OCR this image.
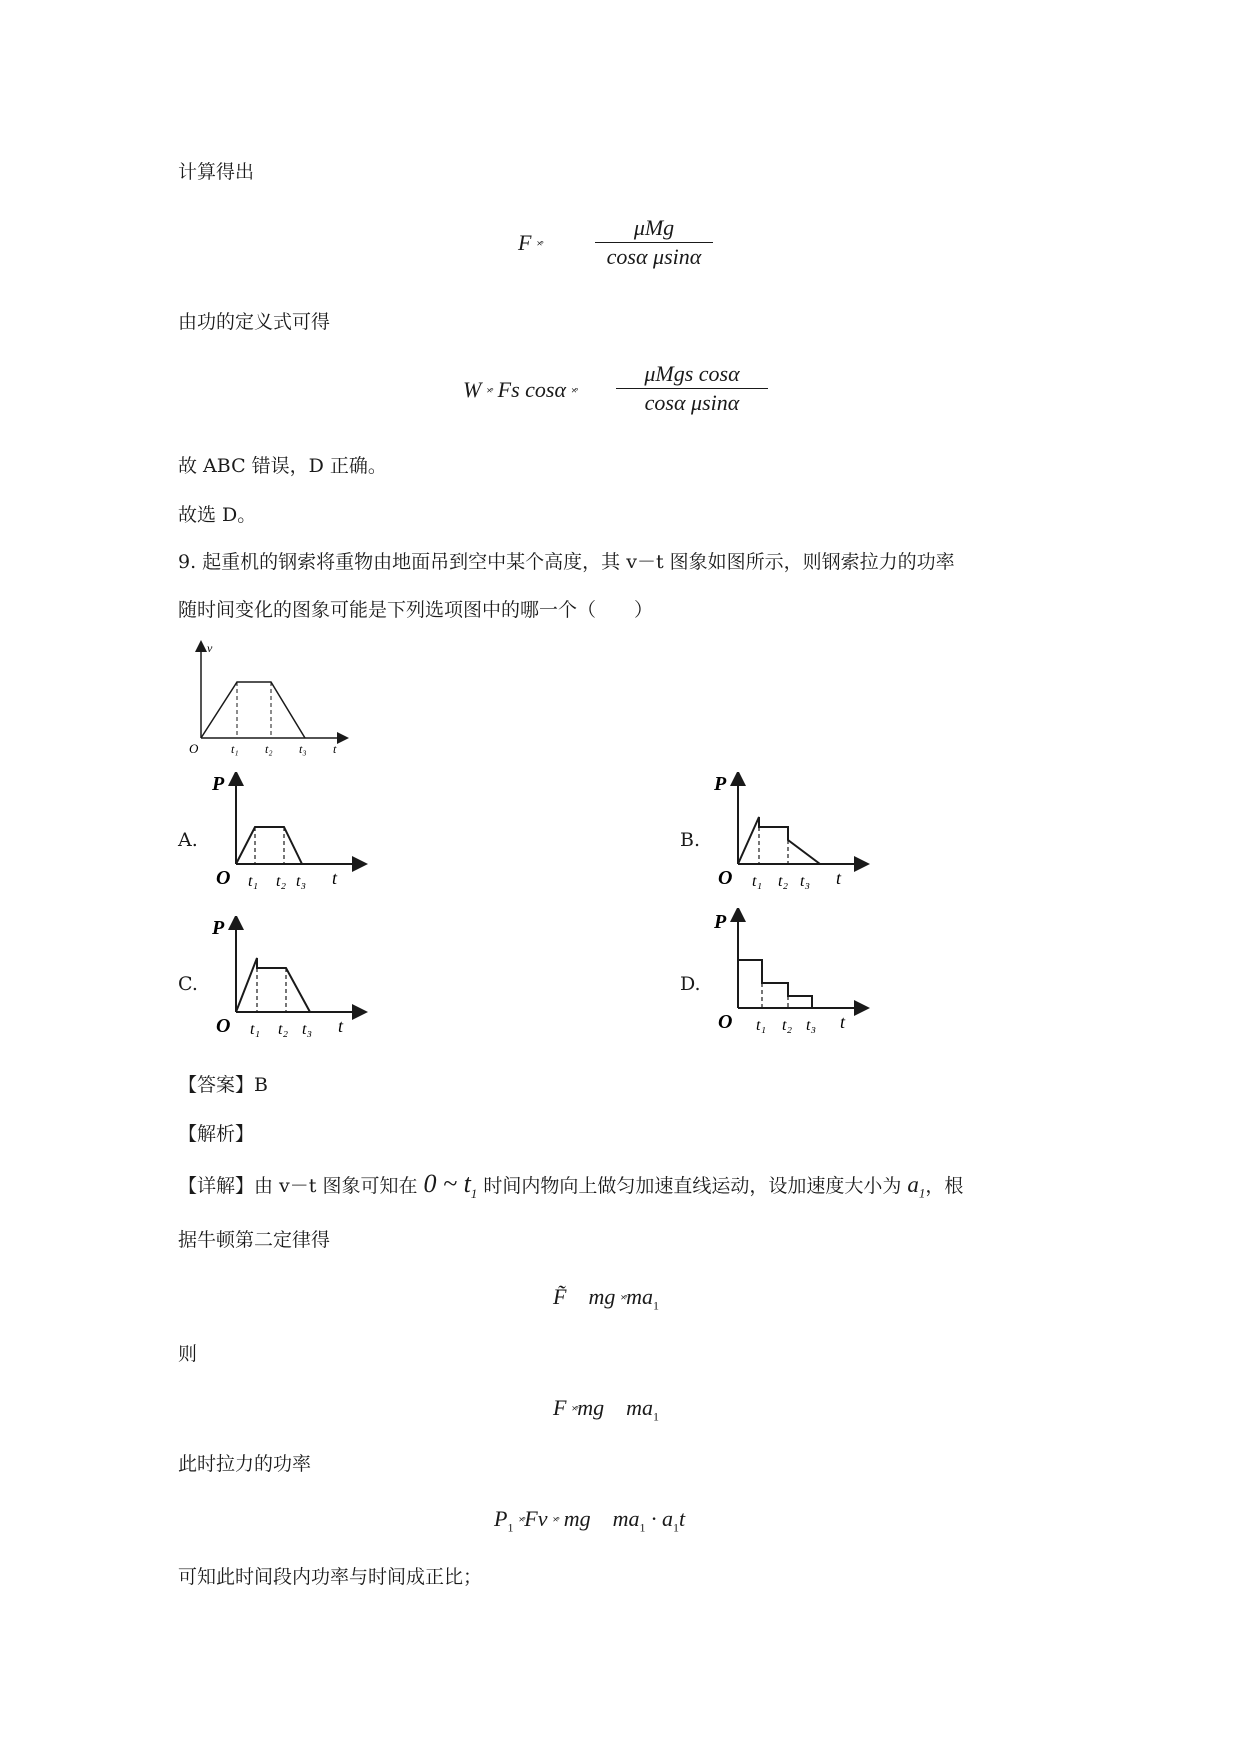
计算得出
F ˟˚
μMg
cosα μsinα
由功的定义式可得
W ˟˚ Fs cosα ˟˚
μMgs cosα
cosα μsinα
故 ABC 错误，D 正确。
故选 D。
9. 起重机的钢索将重物由地面吊到空中某个高度，其 v－t 图象如图所示，则钢索拉力的功率
随时间变化的图象可能是下列选项图中的哪一个（　　）
v
O	t₁ t₂ t₃ t
A.
P
O t₁ t₂ t₃ t
B.
P
O t₁ t₂ t₃ t
C.
P
O t₁ t₂ t₃ t
D.
P
O t₁ t₂ t₃ t
【答案】B
【解析】
【详解】由 v－t 图象可知在 0 ~ $t_1$ 时间内物向上做匀加速直线运动，设加速度大小为 $a_1$，根
据牛顿第二定律得
F̃ mg $˟˚ma_1$
则
F ˟˚mg $ma_1$
此时拉力的功率
$P_1$ ˟˚Fv ˟˚ mg $ma_1 \cdot a_1t$
可知此时间段内功率与时间成正比；
